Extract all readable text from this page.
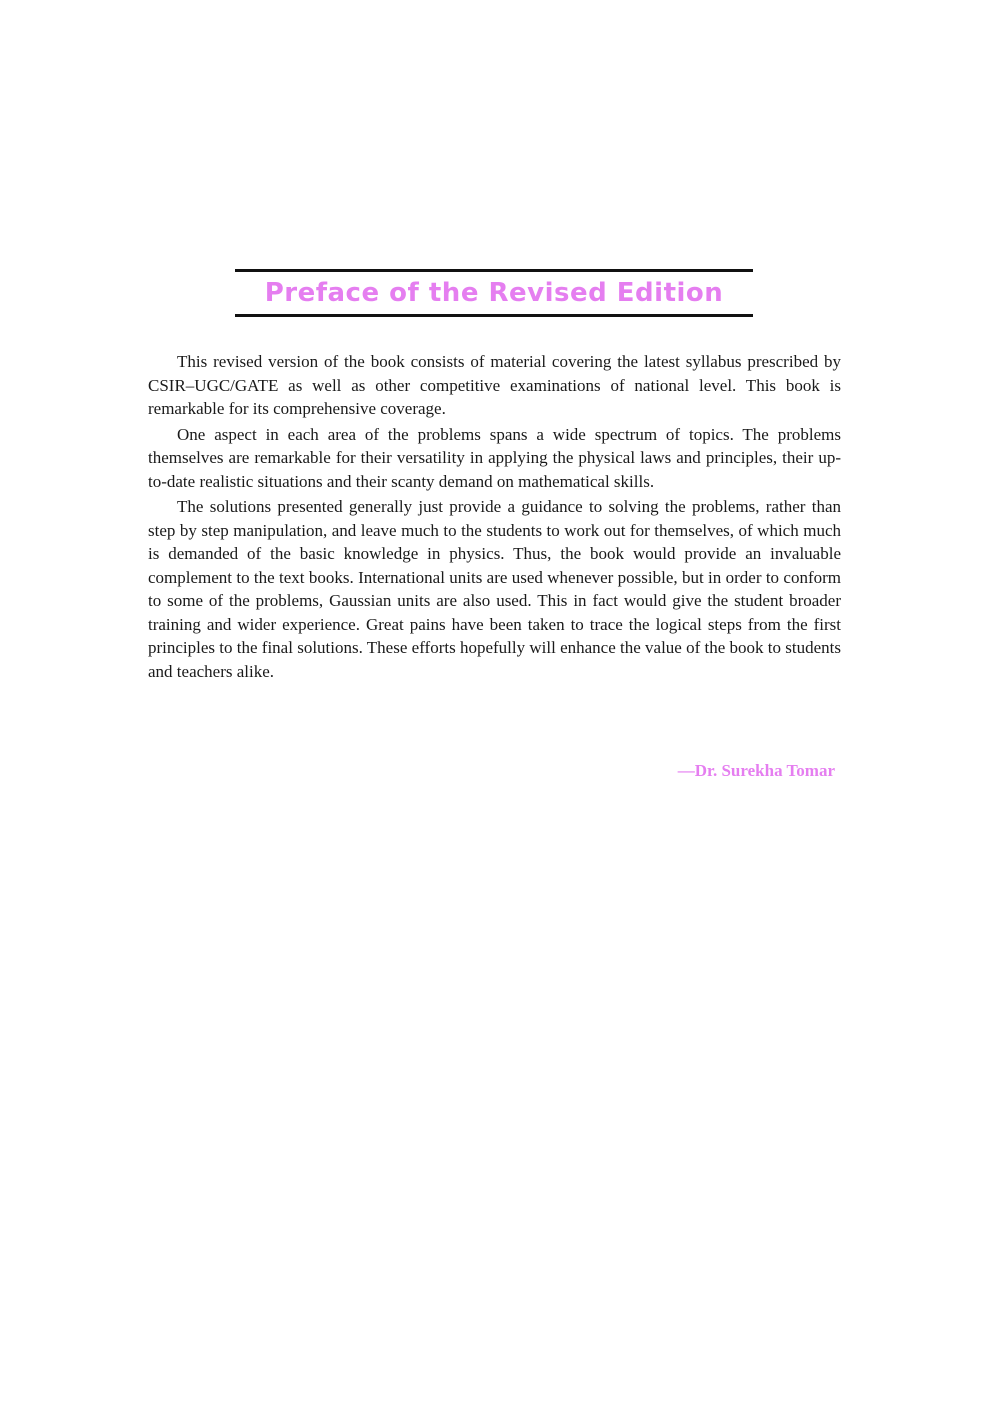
Preface of the Revised Edition

This revised version of the book consists of material covering the latest syllabus prescribed by CSIR–UGC/GATE as well as other competitive examinations of national level. This book is remarkable for its comprehensive coverage.

One aspect in each area of the problems spans a wide spectrum of topics. The problems themselves are remarkable for their versatility in applying the physical laws and principles, their up-to-date realistic situations and their scanty demand on mathematical skills.

The solutions presented generally just provide a guidance to solving the problems, rather than step by step manipulation, and leave much to the students to work out for themselves, of which much is demanded of the basic knowledge in physics. Thus, the book would provide an invaluable complement to the text books. International units are used whenever possible, but in order to conform to some of the problems, Gaussian units are also used. This in fact would give the student broader training and wider experience. Great pains have been taken to trace the logical steps from the first principles to the final solutions. These efforts hopefully will enhance the value of the book to students and teachers alike.

—Dr. Surekha Tomar
